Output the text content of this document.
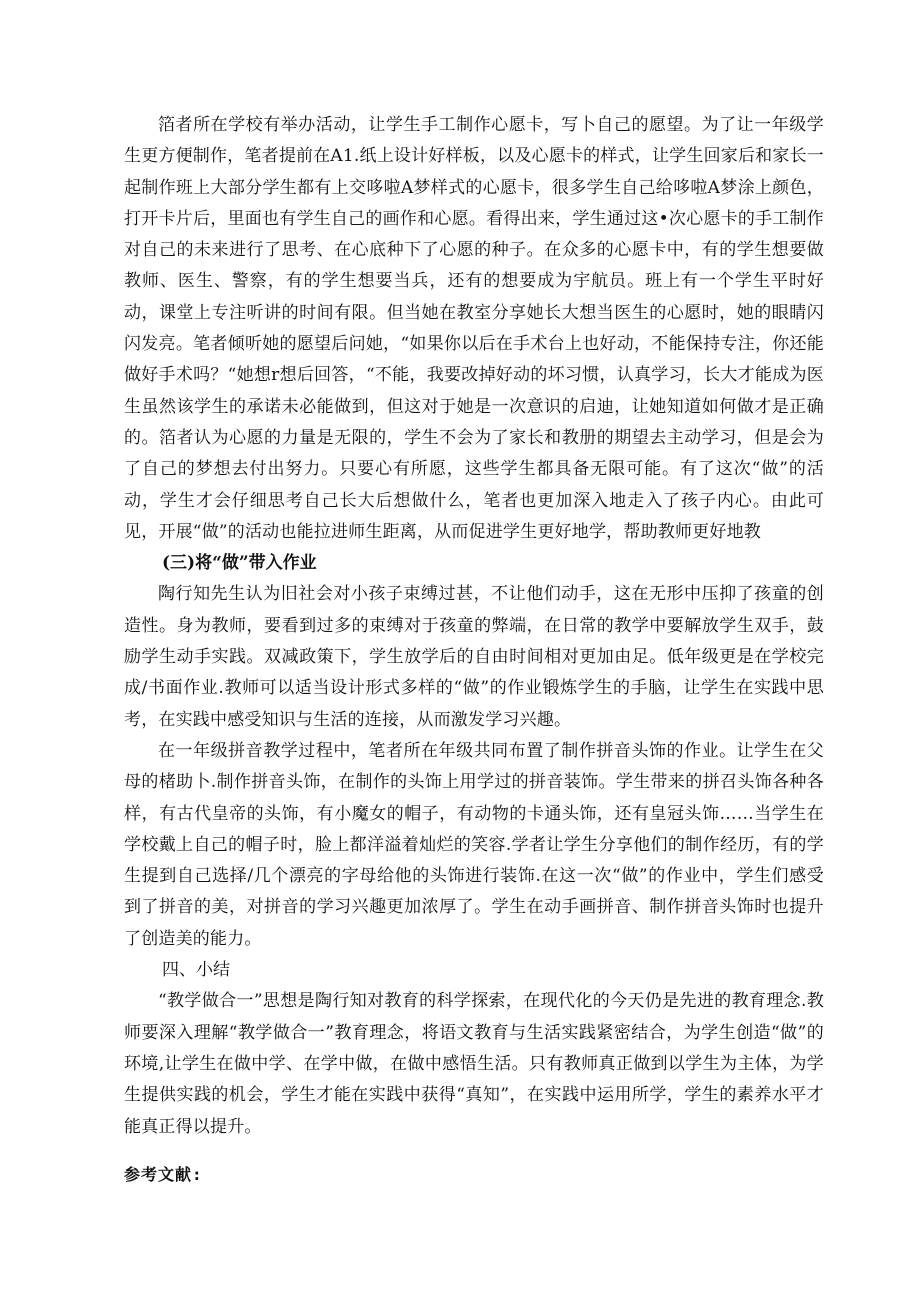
箔者所在学校有举办活动，让学生手工制作心愿卡，写卜自己的愿望。为了让一年级学生更方便制作，笔者提前在A1.纸上设计好样板，以及心愿卡的样式，让学生回家后和家长一起制作班上大部分学生都有上交哆啦A梦样式的心愿卡，很多学生自己给哆啦A梦涂上颜色，打开卡片后，里面也有学生自己的画作和心愿。看得出来，学生通过这•次心愿卡的手工制作对自己的未来进行了思考、在心底种下了心愿的种子。在众多的心愿卡中，有的学生想要做教师、医生、警察，有的学生想要当兵，还有的想要成为宇航员。班上有一个学生平时好动，课堂上专注听讲的时间有限。但当她在教室分享她长大想当医生的心愿时，她的眼睛闪闪发亮。笔者倾听她的愿望后问她，“如果你以后在手术台上也好动，不能保持专注，你还能做好手术吗？“她想r想后回答，“不能，我要改掉好动的坏习惯，认真学习，长大才能成为医生虽然该学生的承诺未必能做到，但这对于她是一次意识的启迪，让她知道如何做才是正确的。箔者认为心愿的力量是无限的，学生不会为了家长和教册的期望去主动学习，但是会为了自己的梦想去付出努力。只要心有所愿，这些学生都具备无限可能。有了这次“做”的活动，学生才会仔细思考自己长大后想做什么，笔者也更加深入地走入了孩子内心。由此可见，开展“做”的活动也能拉进师生距离，从而促进学生更好地学，帮助教师更好地教

(三)将“做”带入作业

陶行知先生认为旧社会对小孩子束缚过甚，不让他们动手，这在无形中压抑了孩童的创造性。身为教师，要看到过多的束缚对于孩童的弊端，在日常的教学中要解放学生双手，鼓励学生动手实践。双减政策下，学生放学后的自由时间相对更加由足。低年级更是在学校完成/书面作业.教师可以适当设计形式多样的“做”的作业锻炼学生的手脑，让学生在实践中思考，在实践中感受知识与生活的连接，从而激发学习兴趣。

在一年级拼音教学过程中，笔者所在年级共同布置了制作拼音头饰的作业。让学生在父母的楮助卜.制作拼音头饰，在制作的头饰上用学过的拼音装饰。学生带来的拼召头饰各种各样，有古代皇帝的头饰，有小魔女的帽子，有动物的卡通头饰，还有皇冠头饰……当学生在学校戴上自己的帽子时，脸上都洋溢着灿烂的笑容.学者让学生分享他们的制作经历，有的学生提到自己选择/几个漂亮的字母给他的头饰进行装饰.在这一次“做”的作业中，学生们感受到了拼音的美，对拼音的学习兴趣更加浓厚了。学生在动手画拼音、制作拼音头饰时也提升了创造美的能力。

四、小结

“教学做合一”思想是陶行知对教育的科学探索，在现代化的今天仍是先进的教育理念.教师要深入理解“教学做合一”教育理念，将语文教育与生活实践紧密结合，为学生创造“做”的环境,让学生在做中学、在学中做，在做中感悟生活。只有教师真正做到以学生为主体，为学生提供实践的机会，学生才能在实践中获得“真知”，在实践中运用所学，学生的素养水平才能真正得以提升。

参考文献:
